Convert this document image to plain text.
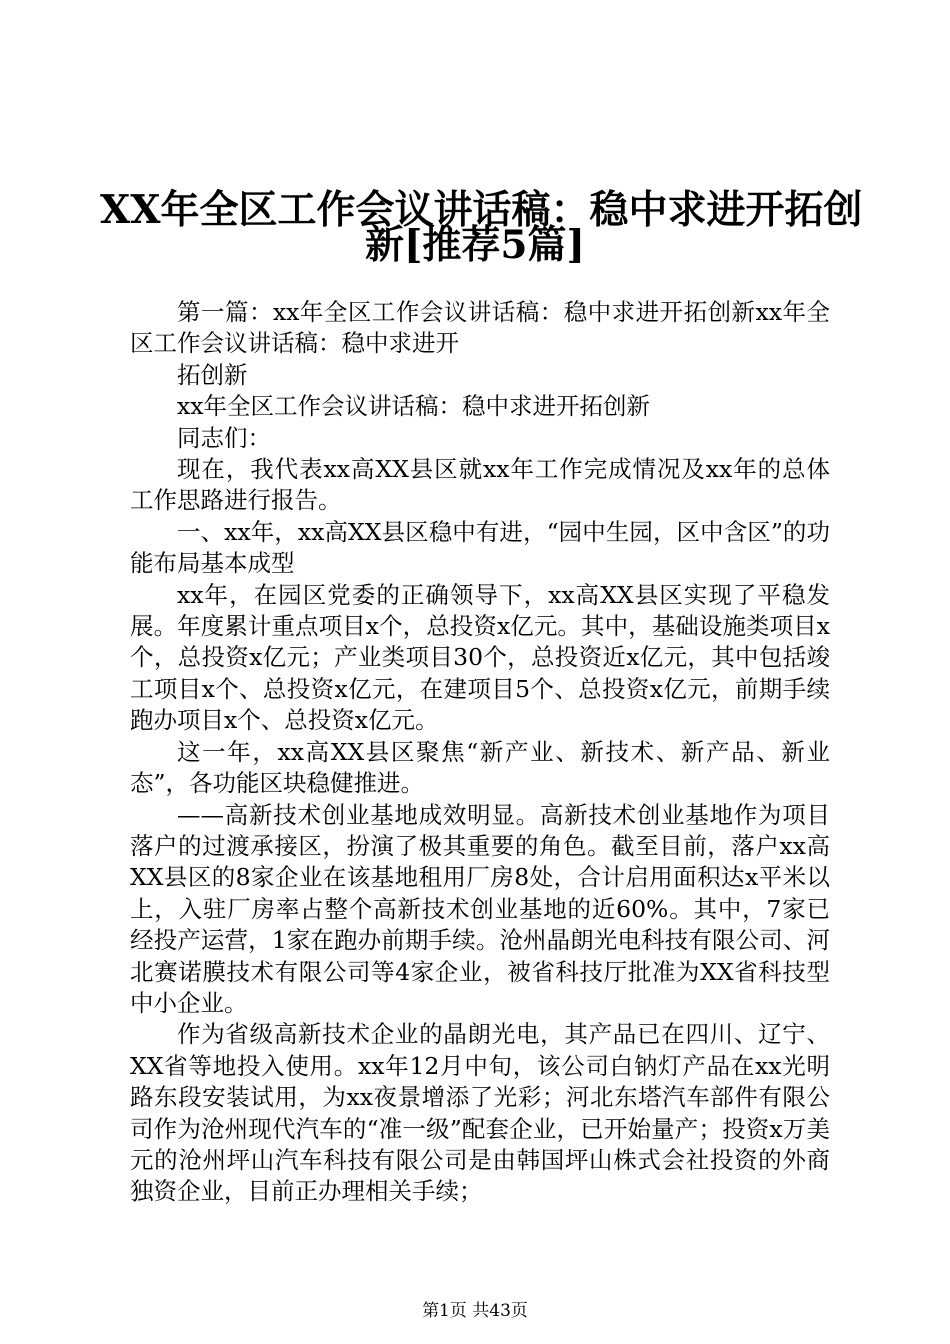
XX年全区工作会议讲话稿：稳中求进开拓创
新[推荐5篇]

第一篇：xx年全区工作会议讲话稿：稳中求进开拓创新xx年全区工作会议讲话稿：稳中求进开

拓创新

xx年全区工作会议讲话稿：稳中求进开拓创新

同志们：

现在，我代表xx高XX县区就xx年工作完成情况及xx年的总体工作思路进行报告。

一、xx年，xx高XX县区稳中有进，“园中生园，区中含区”的功能布局基本成型

xx年，在园区党委的正确领导下，xx高XX县区实现了平稳发展。年度累计重点项目x个，总投资x亿元。其中，基础设施类项目x个，总投资x亿元；产业类项目30个，总投资近x亿元，其中包括竣工项目x个、总投资x亿元，在建项目5个、总投资x亿元，前期手续跑办项目x个、总投资x亿元。

这一年，xx高XX县区聚焦“新产业、新技术、新产品、新业态”，各功能区块稳健推进。

——高新技术创业基地成效明显。高新技术创业基地作为项目落户的过渡承接区，扮演了极其重要的角色。截至目前，落户xx高XX县区的8家企业在该基地租用厂房8处，合计启用面积达x平米以上，入驻厂房率占整个高新技术创业基地的近60%。其中，7家已经投产运营，1家在跑办前期手续。沧州晶朗光电科技有限公司、河北赛诺膜技术有限公司等4家企业，被省科技厅批准为XX省科技型中小企业。

作为省级高新技术企业的晶朗光电，其产品已在四川、辽宁、XX省等地投入使用。xx年12月中旬，该公司白钠灯产品在xx光明路东段安装试用，为xx夜景增添了光彩；河北东塔汽车部件有限公司作为沧州现代汽车的“准一级”配套企业，已开始量产；投资x万美元的沧州坪山汽车科技有限公司是由韩国坪山株式会社投资的外商独资企业，目前正办理相关手续；

第1页 共43页
